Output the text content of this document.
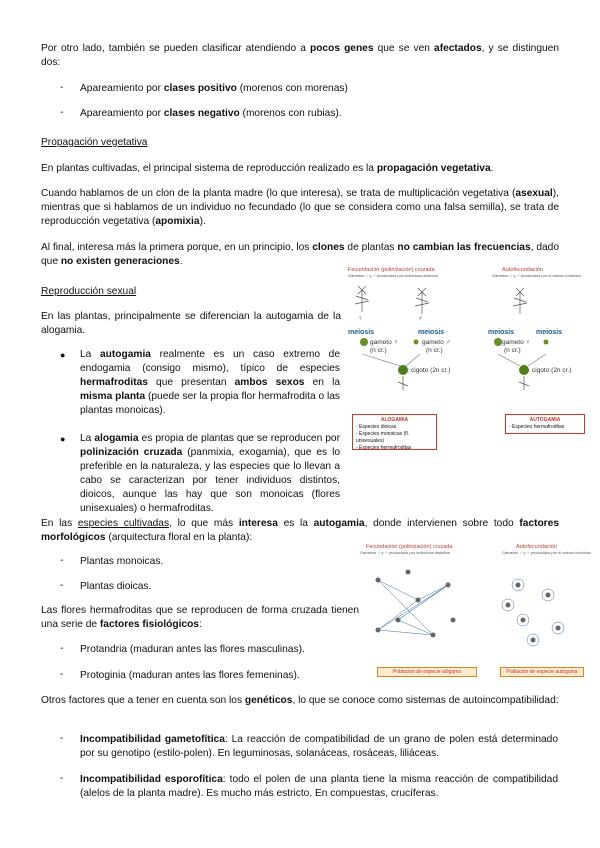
Por otro lado, también se pueden clasificar atendiendo a pocos genes que se ven afectados, y se distinguen dos:

- Apareamiento por clases positivo (morenos con morenas)

- Apareamiento por clases negativo (morenos con rubias).

Propagación vegetativa

En plantas cultivadas, el principal sistema de reproducción realizado es la propagación vegetativa.

Cuando hablamos de un clon de la planta madre (lo que interesa), se trata de multiplicación vegetativa (asexual), mientras que si hablamos de un individuo no fecundado (lo que se considera como una falsa semilla), se trata de reproducción vegetativa (apomixia).

Al final, interesa más la primera porque, en un principio, los clones de plantas no cambian las frecuencias, dado que no existen generaciones.

Reproducción sexual

En las plantas, principalmente se diferencian la autogamia de la alogamia.

● La autogamia realmente es un caso extremo de endogamia (consigo mismo), típico de especies hermafroditas que presentan ambos sexos en la misma planta (puede ser la propia flor hermafrodita o las plantas monoicas).

● La alogamia es propia de plantas que se reproducen por polinización cruzada (panmixia, exogamia), que es lo preferible en la naturaleza, y las especies que lo llevan a cabo se caracterizan por tener individuos distintos, dioicos, aunque las hay que son monoicas (flores unisexuales) o hermafroditas.

Fecundación (polinización) cruzada
Gametos ♀ y ♂ producidos por individuos distintos
Autofecundación
Gametos ♀ y ♂ producidos por el mismo individuo
♀	♂
meiosis	meiosis	meiosis	meiosis
gameto ♀	gameto ♂
(n cr.)	(n cr.)
gameto ♀
(n cr.)
cigoto (2n cr.)	cigoto (2n cr.)
ALOGAMIA
- Especies dioicas
- Especies monoicas (fl. unisexuales)
- Especies hermafroditas
AUTOGAMIA
- Especies hermafroditas

En las especies cultivadas, lo que más interesa es la autogamia, donde intervienen sobre todo factores morfológicos (arquitectura floral en la planta):

- Plantas monoicas.

- Plantas dioicas.

Las flores hermafroditas que se reproducen de forma cruzada tienen una serie de factores fisiológicos:

- Protandria (maduran antes las flores masculinas).

- Protoginia (maduran antes las flores femeninas).

Fecundación (polinización) cruzada
Gametos ♀ y ♂ producidos por individuos distintos
Autofecundación
Gametos ♀ y ♂ producidos por el mismo individuo
Población de especie alógama	Población de especie autógama

Otros factores que a tener en cuenta son los genéticos, lo que se conoce como sistemas de autoincompatibilidad:

- Incompatibilidad gametofítica: La reacción de compatibilidad de un grano de polen está determinado por su genotipo (estilo-polen). En leguminosas, solanáceas, rosáceas, liliáceas.

- Incompatibilidad esporofítica: todo el polen de una planta tiene la misma reacción de compatibilidad (alelos de la planta madre). Es mucho más estricto. En compuestas, crucíferas.
